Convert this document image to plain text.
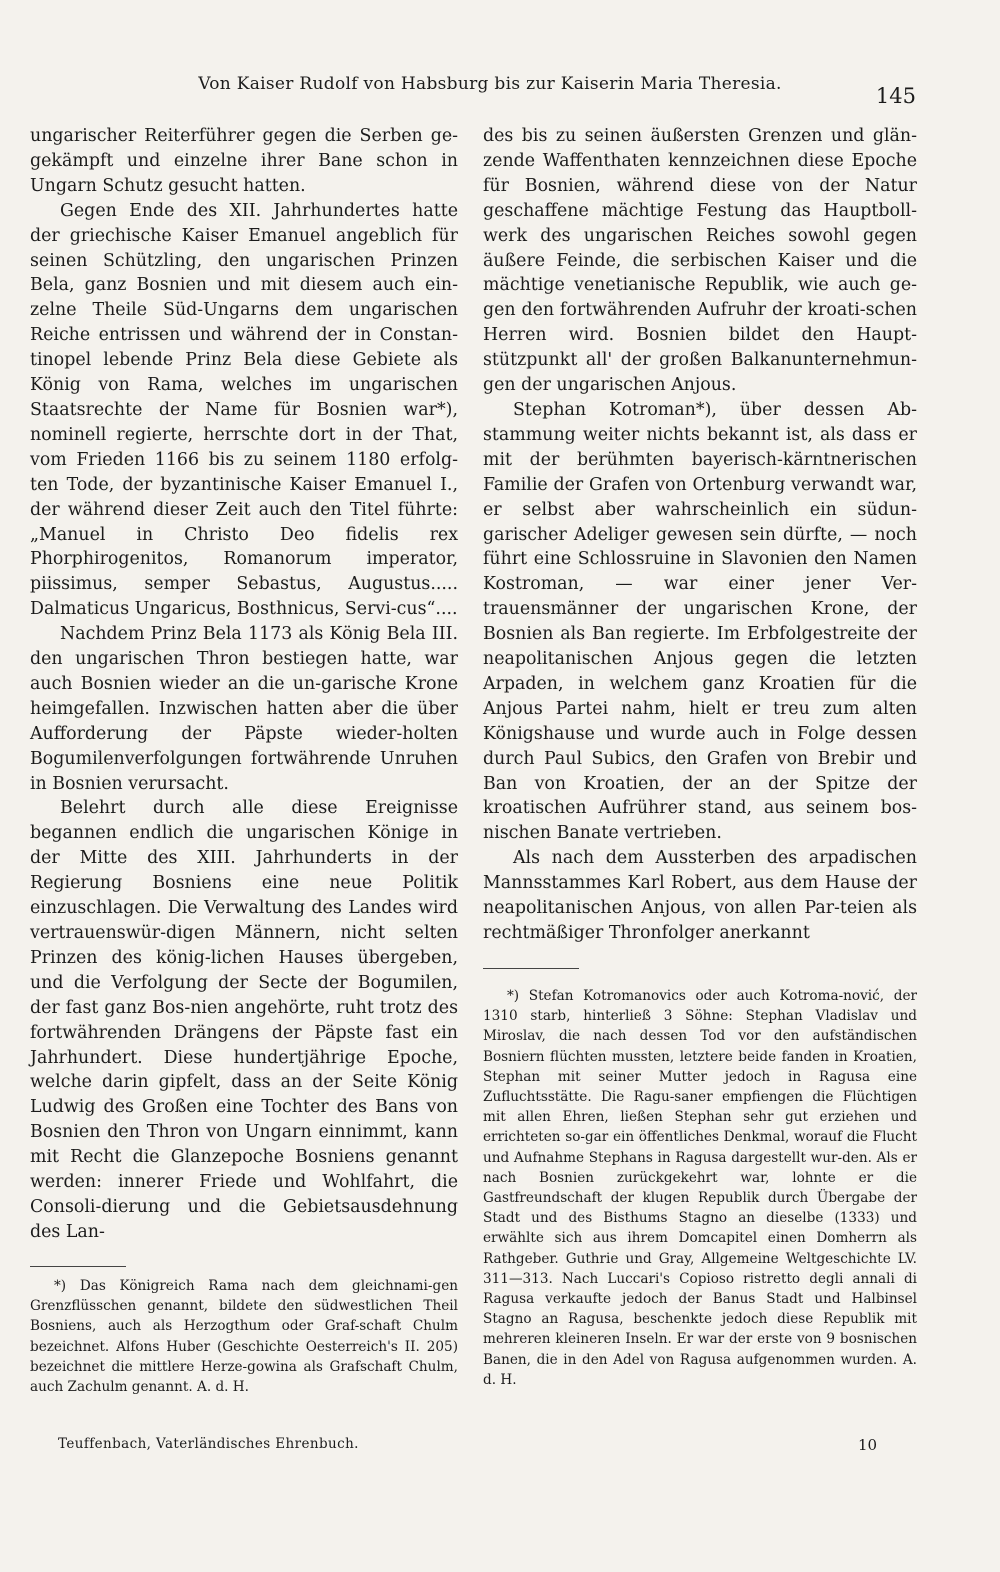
Von Kaiser Rudolf von Habsburg bis zur Kaiserin Maria Theresia.	145

ungarischer Reiterführer gegen die Serben ge-gekämpft und einzelne ihrer Bane schon in Ungarn Schutz gesucht hatten.

Gegen Ende des XII. Jahrhundertes hatte der griechische Kaiser Emanuel angeblich für seinen Schützling, den ungarischen Prinzen Bela, ganz Bosnien und mit diesem auch ein-zelne Theile Süd-Ungarns dem ungarischen Reiche entrissen und während der in Constan-tinopel lebende Prinz Bela diese Gebiete als König von Rama, welches im ungarischen Staatsrechte der Name für Bosnien war*), nominell regierte, herrschte dort in der That, vom Frieden 1166 bis zu seinem 1180 erfolg-ten Tode, der byzantinische Kaiser Emanuel I., der während dieser Zeit auch den Titel führte: „Manuel in Christo Deo fidelis rex Phorphirogenitos, Romanorum imperator, piissimus, semper Sebastus, Augustus..... Dalmaticus Ungaricus, Bosthnicus, Servi-cus“....

Nachdem Prinz Bela 1173 als König Bela III. den ungarischen Thron bestiegen hatte, war auch Bosnien wieder an die un-garische Krone heimgefallen. Inzwischen hatten aber die über Aufforderung der Päpste wieder-holten Bogumilenverfolgungen fortwährende Unruhen in Bosnien verursacht.

Belehrt durch alle diese Ereignisse begannen endlich die ungarischen Könige in der Mitte des XIII. Jahrhunderts in der Regierung Bosniens eine neue Politik einzuschlagen. Die Verwaltung des Landes wird vertrauenswür-digen Männern, nicht selten Prinzen des könig-lichen Hauses übergeben, und die Verfolgung der Secte der Bogumilen, der fast ganz Bos-nien angehörte, ruht trotz des fortwährenden Drängens der Päpste fast ein Jahrhundert. Diese hundertjährige Epoche, welche darin gipfelt, dass an der Seite König Ludwig des Großen eine Tochter des Bans von Bosnien den Thron von Ungarn einnimmt, kann mit Recht die Glanzepoche Bosniens genannt werden: innerer Friede und Wohlfahrt, die Consoli-dierung und die Gebietsausdehnung des Lan-

*) Das Königreich Rama nach dem gleichnami-gen Grenzflüsschen genannt, bildete den südwestlichen Theil Bosniens, auch als Herzogthum oder Graf-schaft Chulm bezeichnet. Alfons Huber (Geschichte Oesterreich's II. 205) bezeichnet die mittlere Herze-gowina als Grafschaft Chulm, auch Zachulm genannt. A. d. H.

des bis zu seinen äußersten Grenzen und glän-zende Waffenthaten kennzeichnen diese Epoche für Bosnien, während diese von der Natur geschaffene mächtige Festung das Hauptboll-werk des ungarischen Reiches sowohl gegen äußere Feinde, die serbischen Kaiser und die mächtige venetianische Republik, wie auch ge-gen den fortwährenden Aufruhr der kroati-schen Herren wird. Bosnien bildet den Haupt-stützpunkt all' der großen Balkanunternehmun-gen der ungarischen Anjous.

Stephan Kotroman*), über dessen Ab-stammung weiter nichts bekannt ist, als dass er mit der berühmten bayerisch-kärntnerischen Familie der Grafen von Ortenburg verwandt war, er selbst aber wahrscheinlich ein südun-garischer Adeliger gewesen sein dürfte, — noch führt eine Schlossruine in Slavonien den Namen Kostroman, — war einer jener Ver-trauensmänner der ungarischen Krone, der Bosnien als Ban regierte. Im Erbfolgestreite der neapolitanischen Anjous gegen die letzten Arpaden, in welchem ganz Kroatien für die Anjous Partei nahm, hielt er treu zum alten Königshause und wurde auch in Folge dessen durch Paul Subics, den Grafen von Brebir und Ban von Kroatien, der an der Spitze der kroatischen Aufrührer stand, aus seinem bos-nischen Banate vertrieben.

Als nach dem Aussterben des arpadischen Mannsstammes Karl Robert, aus dem Hause der neapolitanischen Anjous, von allen Par-teien als rechtmäßiger Thronfolger anerkannt

*) Stefan Kotromanovics oder auch Kotroma-nović, der 1310 starb, hinterließ 3 Söhne: Stephan Vladislav und Miroslav, die nach dessen Tod vor den aufständischen Bosniern flüchten mussten, letztere beide fanden in Kroatien, Stephan mit seiner Mutter jedoch in Ragusa eine Zufluchtsstätte. Die Ragu-saner empfiengen die Flüchtigen mit allen Ehren, ließen Stephan sehr gut erziehen und errichteten so-gar ein öffentliches Denkmal, worauf die Flucht und Aufnahme Stephans in Ragusa dargestellt wur-den. Als er nach Bosnien zurückgekehrt war, lohnte er die Gastfreundschaft der klugen Republik durch Übergabe der Stadt und des Bisthums Stagno an dieselbe (1333) und erwählte sich aus ihrem Domcapitel einen Domherrn als Rathgeber. Guthrie und Gray, Allgemeine Weltgeschichte LV. 311—313. Nach Luccari's Copioso ristretto degli annali di Ragusa verkaufte jedoch der Banus Stadt und Halbinsel Stagno an Ragusa, beschenkte jedoch diese Republik mit mehreren kleineren Inseln. Er war der erste von 9 bosnischen Banen, die in den Adel von Ragusa aufgenommen wurden. A. d. H.
Teuffenbach, Vaterländisches Ehrenbuch.	10
